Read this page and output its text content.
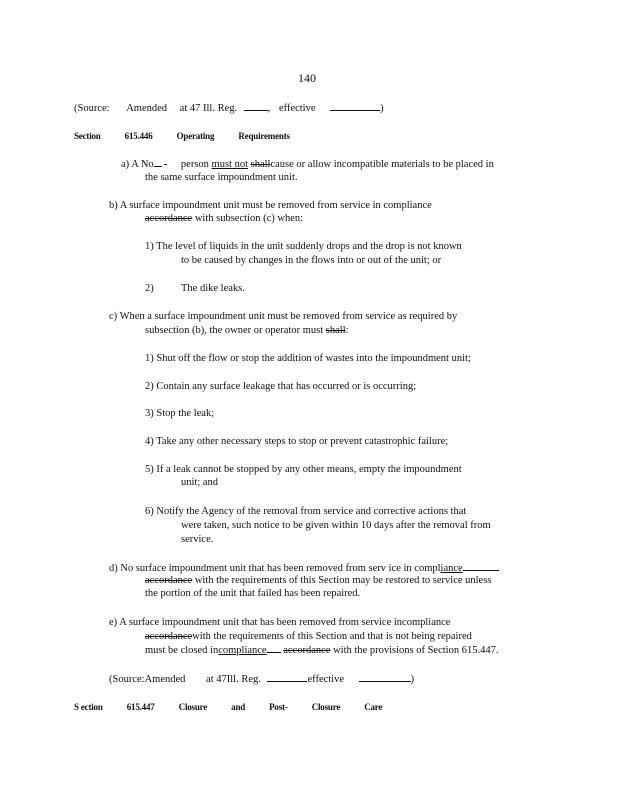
140
(Source: Amended at 47 Ill. Reg.	, effective	)
Section	615.446	Operating	Requirements
a) A No	person must not shallcause or allow incompatible materials to be placed in
the same surface impoundment unit.
b) A surface impoundment unit must be removed from service in compliance
accordance with subsection (c) when:
1) The level of liquids in the unit suddenly drops and the drop is not known
to be caused by changes in the flows into or out of the unit; or
2)	The dike leaks.
c) When a surface impoundment unit must be removed from service as required by
subsection (b), the owner or operator must shall:
1) Shut off the flow or stop the addition of wastes into the impoundment unit;
2) Contain any surface leakage that has occurred or is occurring;
3) Stop the leak;
4) Take any other necessary steps to stop or prevent catastrophic failure;
5) If a leak cannot be stopped by any other means, empty the impoundment
unit; and
6) Notify the Agency of the removal from service and corrective actions that
were taken, such notice to be given within 10 days after the removal from
service.
d) No surface impoundment unit that has been removed from serv ice in compliance
accordance with the requirements of this Section may be restored to service unless
the portion of the unit that failed has been repaired.
e) A surface impoundment unit that has been removed from service incompliance
accordancewith the requirements of this Section and that is not being repaired
must be closed incompliance accordance with the provisions of Section 615.447.
(Source:Amended at 47Ill. Reg.	effective	)
S ection	615.447	Closure	and	Post-	Closure	Care
